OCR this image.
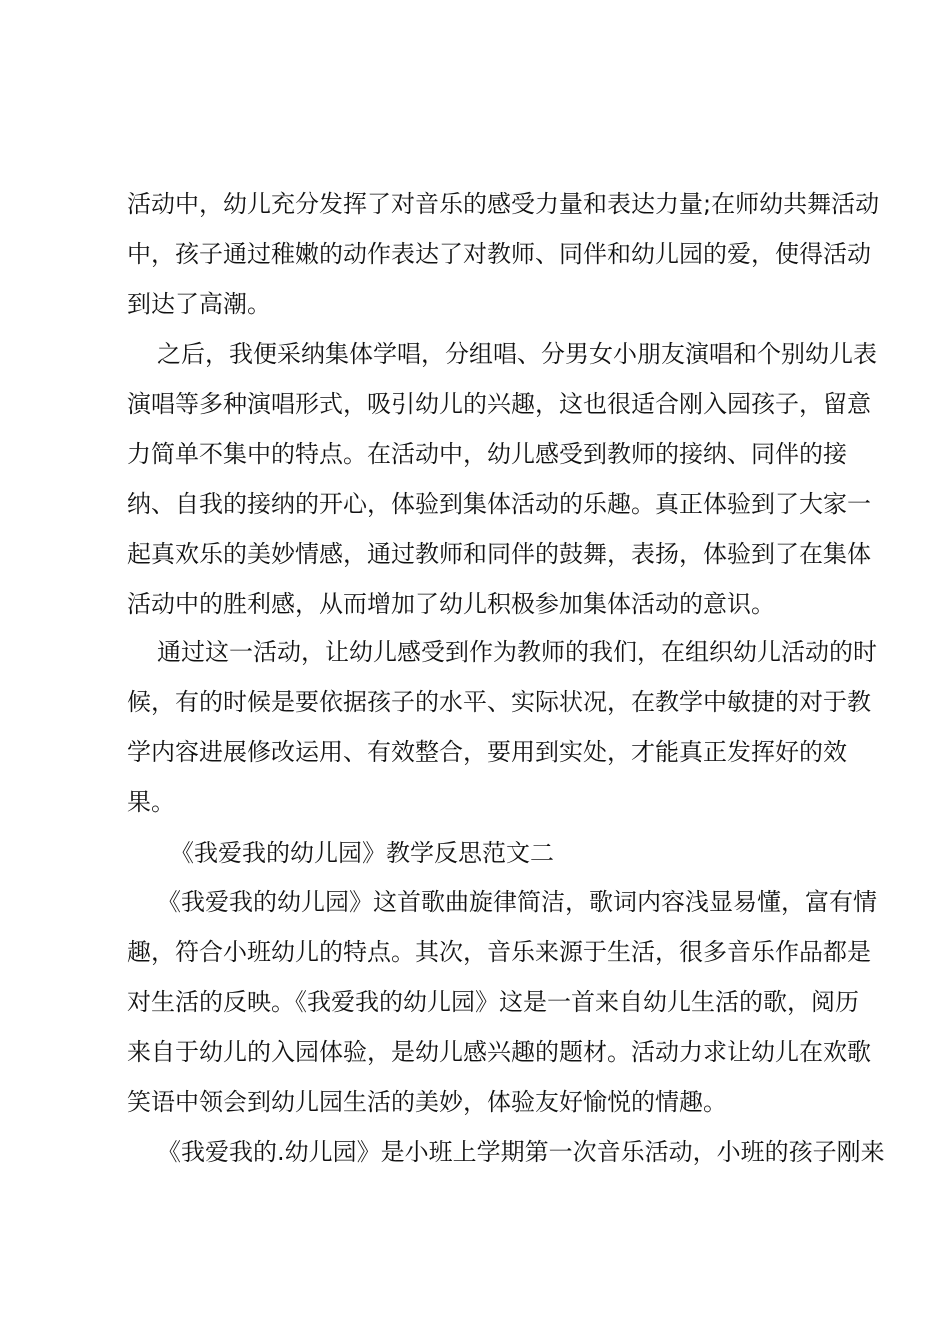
活动中，幼儿充分发挥了对音乐的感受力量和表达力量;在师幼共舞活动
中，孩子通过稚嫩的动作表达了对教师、同伴和幼儿园的爱，使得活动
到达了高潮。
之后，我便采纳集体学唱，分组唱、分男女小朋友演唱和个别幼儿表
演唱等多种演唱形式，吸引幼儿的兴趣，这也很适合刚入园孩子，留意
力简单不集中的特点。在活动中，幼儿感受到教师的接纳、同伴的接
纳、自我的接纳的开心，体验到集体活动的乐趣。真正体验到了大家一
起真欢乐的美妙情感，通过教师和同伴的鼓舞，表扬，体验到了在集体
活动中的胜利感，从而增加了幼儿积极参加集体活动的意识。
通过这一活动，让幼儿感受到作为教师的我们，在组织幼儿活动的时
候，有的时候是要依据孩子的水平、实际状况，在教学中敏捷的对于教
学内容进展修改运用、有效整合，要用到实处，才能真正发挥好的效
果。
《我爱我的幼儿园》教学反思范文二
《我爱我的幼儿园》这首歌曲旋律简洁，歌词内容浅显易懂，富有情
趣，符合小班幼儿的特点。其次，音乐来源于生活，很多音乐作品都是
对生活的反映。《我爱我的幼儿园》这是一首来自幼儿生活的歌，阅历
来自于幼儿的入园体验，是幼儿感兴趣的题材。活动力求让幼儿在欢歌
笑语中领会到幼儿园生活的美妙，体验友好愉悦的情趣。
《我爱我的.幼儿园》是小班上学期第一次音乐活动，小班的孩子刚来
